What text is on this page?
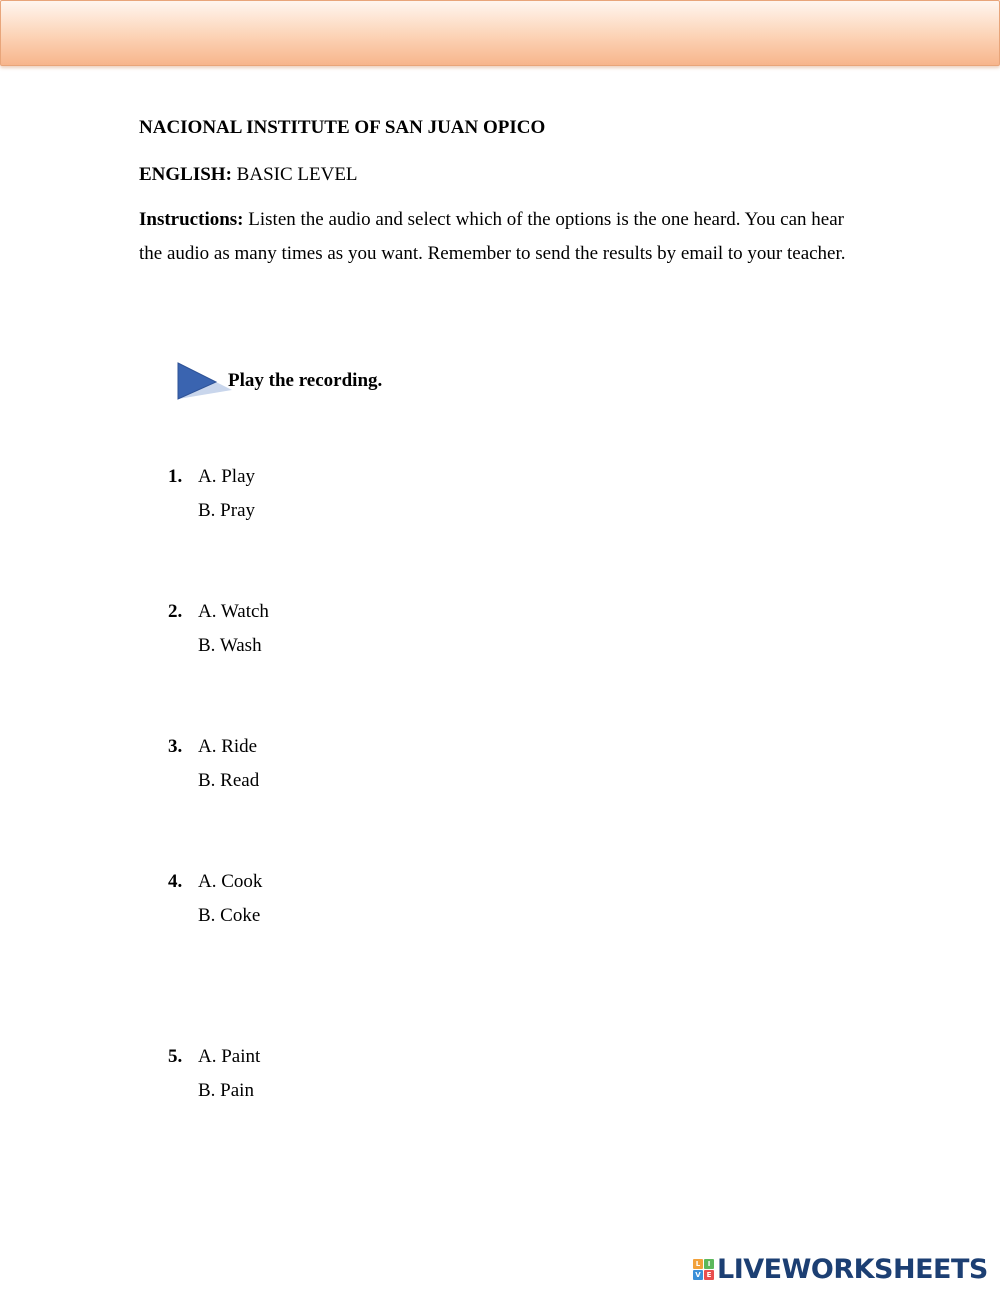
NACIONAL INSTITUTE OF SAN JUAN OPICO
ENGLISH: BASIC LEVEL
Instructions: Listen the audio and select which of the options is the one heard. You can hear the audio as many times as you want. Remember to send the results by email to your teacher.
Play the recording.
1. A. Play
B. Pray
2. A. Watch
B. Wash
3. A. Ride
B. Read
4. A. Cook
B. Coke
5. A. Paint
B. Pain
L	I
V E LIVEWORKSHEETS
